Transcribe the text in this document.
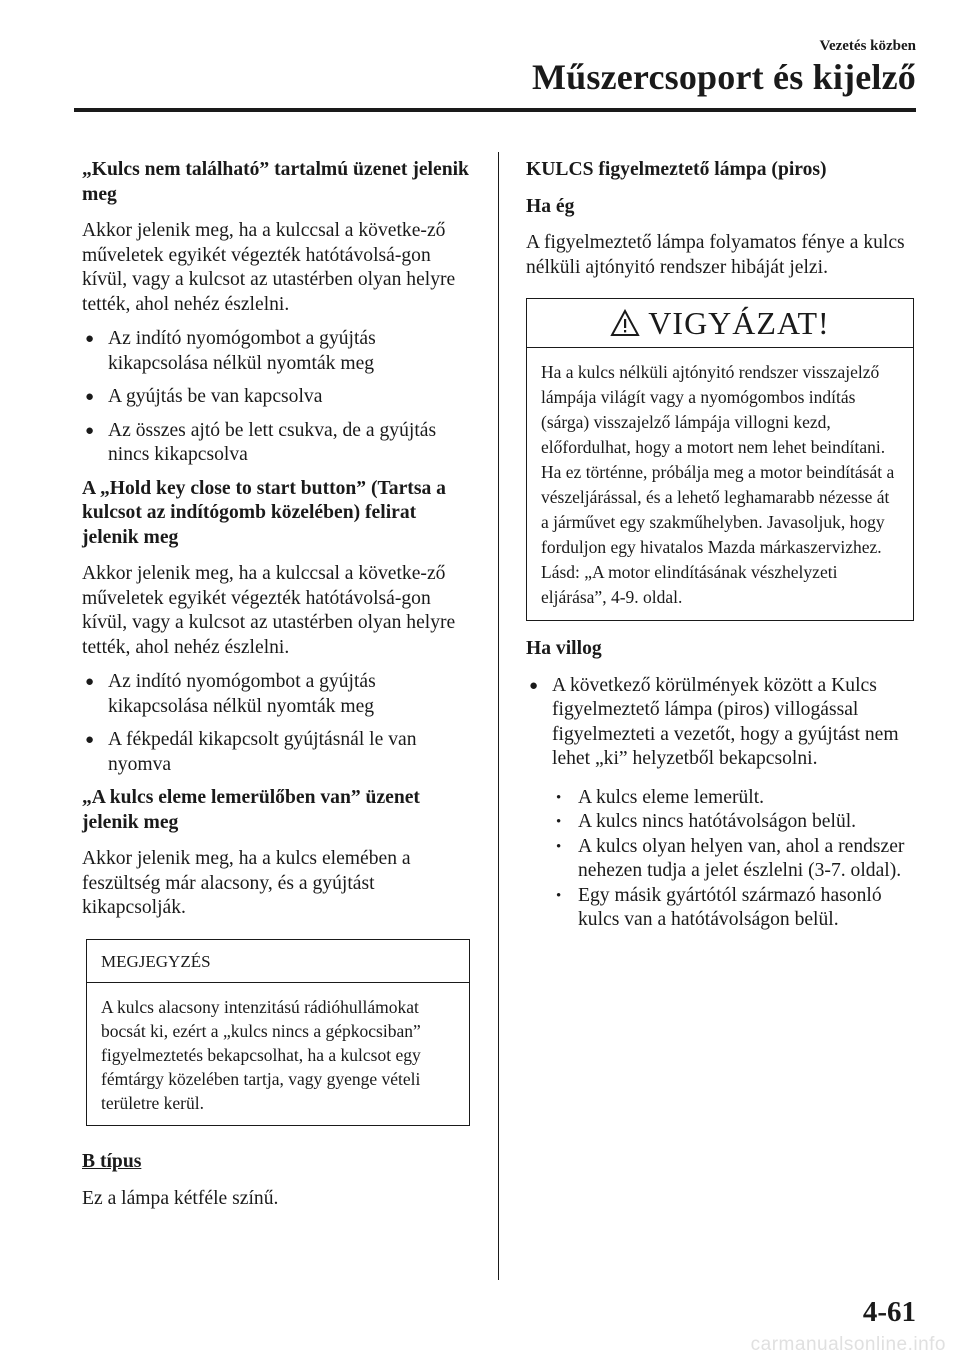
Vezetés közben
Műszercsoport és kijelző
„Kulcs nem található” tartalmú üzenet jelenik meg

Akkor jelenik meg, ha a kulccsal a követke-ző műveletek egyikét végezték hatótávolsá-gon kívül, vagy a kulcsot az utastérben olyan helyre tették, ahol nehéz észlelni.

● Az indító nyomógombot a gyújtás kikapcsolása nélkül nyomták meg
● A gyújtás be van kapcsolva
● Az összes ajtó be lett csukva, de a gyújtás nincs kikapcsolva
A „Hold key close to start button” (Tartsa a kulcsot az indítógomb közelében) felirat jelenik meg

Akkor jelenik meg, ha a kulccsal a követke-ző műveletek egyikét végezték hatótávolsá-gon kívül, vagy a kulcsot az utastérben olyan helyre tették, ahol nehéz észlelni.

● Az indító nyomógombot a gyújtás kikapcsolása nélkül nyomták meg
● A fékpedál kikapcsolt gyújtásnál le van nyomva
„A kulcs eleme lemerülőben van” üzenet jelenik meg

Akkor jelenik meg, ha a kulcs elemében a feszültség már alacsony, és a gyújtást kikapcsolják.

MEGJEGYZÉS
A kulcs alacsony intenzitású rádióhullámokat bocsát ki, ezért a „kulcs nincs a gépkocsiban” figyelmeztetés bekapcsolhat, ha a kulcsot egy fémtárgy közelében tartja, vagy gyenge vételi területre kerül.
B típus

Ez a lámpa kétféle színű.

KULCS figyelmeztető lámpa (piros)
Ha ég

A figyelmeztető lámpa folyamatos fénye a kulcs nélküli ajtónyitó rendszer hibáját jelzi.

VIGYÁZAT!
Ha a kulcs nélküli ajtónyitó rendszer visszajelző lámpája világít vagy a nyomógombos indítás (sárga) visszajelző lámpája villogni kezd, előfordulhat, hogy a motort nem lehet beindítani. Ha ez történne, próbálja meg a motor beindítását a vészeljárással, és a lehető leghamarabb nézesse át a járművet egy szakműhelyben. Javasoljuk, hogy forduljon egy hivatalos Mazda márkaszervizhez. Lásd: „A motor elindításának vészhelyzeti eljárása”, 4-9. oldal.
Ha villog
● A következő körülmények között a Kulcs figyelmeztető lámpa (piros) villogással figyelmezteti a vezetőt, hogy a gyújtást nem lehet „ki” helyzetből bekapcsolni.
• A kulcs eleme lemerült.
• A kulcs nincs hatótávolságon belül.
• A kulcs olyan helyen van, ahol a rendszer nehezen tudja a jelet észlelni (3-7. oldal).
• Egy másik gyártótól származó hasonló kulcs van a hatótávolságon belül.
4-61
carmanualsonline.info
